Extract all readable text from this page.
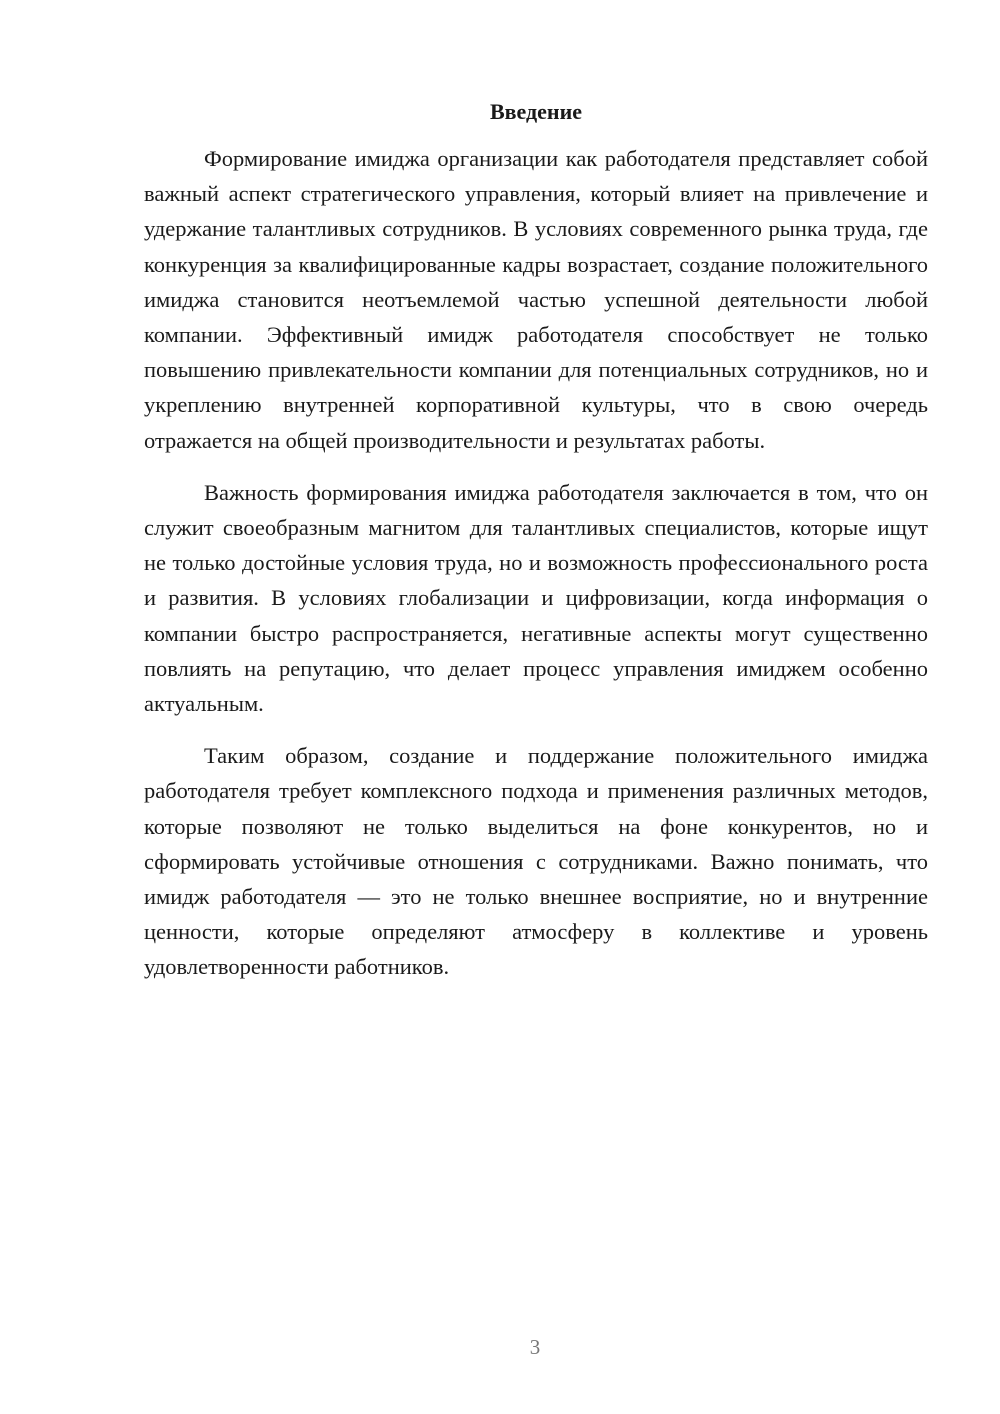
Введение

Формирование имиджа организации как работодателя представляет собой важный аспект стратегического управления, который влияет на привлечение и удержание талантливых сотрудников. В условиях современного рынка труда, где конкуренция за квалифицированные кадры возрастает, создание положительного имиджа становится неотъемлемой частью успешной деятельности любой компании. Эффективный имидж работодателя способствует не только повышению привлекательности компании для потенциальных сотрудников, но и укреплению внутренней корпоративной культуры, что в свою очередь отражается на общей производительности и результатах работы.

Важность формирования имиджа работодателя заключается в том, что он служит своеобразным магнитом для талантливых специалистов, которые ищут не только достойные условия труда, но и возможность профессионального роста и развития. В условиях глобализации и цифровизации, когда информация о компании быстро распространяется, негативные аспекты могут существенно повлиять на репутацию, что делает процесс управления имиджем особенно актуальным.

Таким образом, создание и поддержание положительного имиджа работодателя требует комплексного подхода и применения различных методов, которые позволяют не только выделиться на фоне конкурентов, но и сформировать устойчивые отношения с сотрудниками. Важно понимать, что имидж работодателя — это не только внешнее восприятие, но и внутренние ценности, которые определяют атмосферу в коллективе и уровень удовлетворенности работников.

3
